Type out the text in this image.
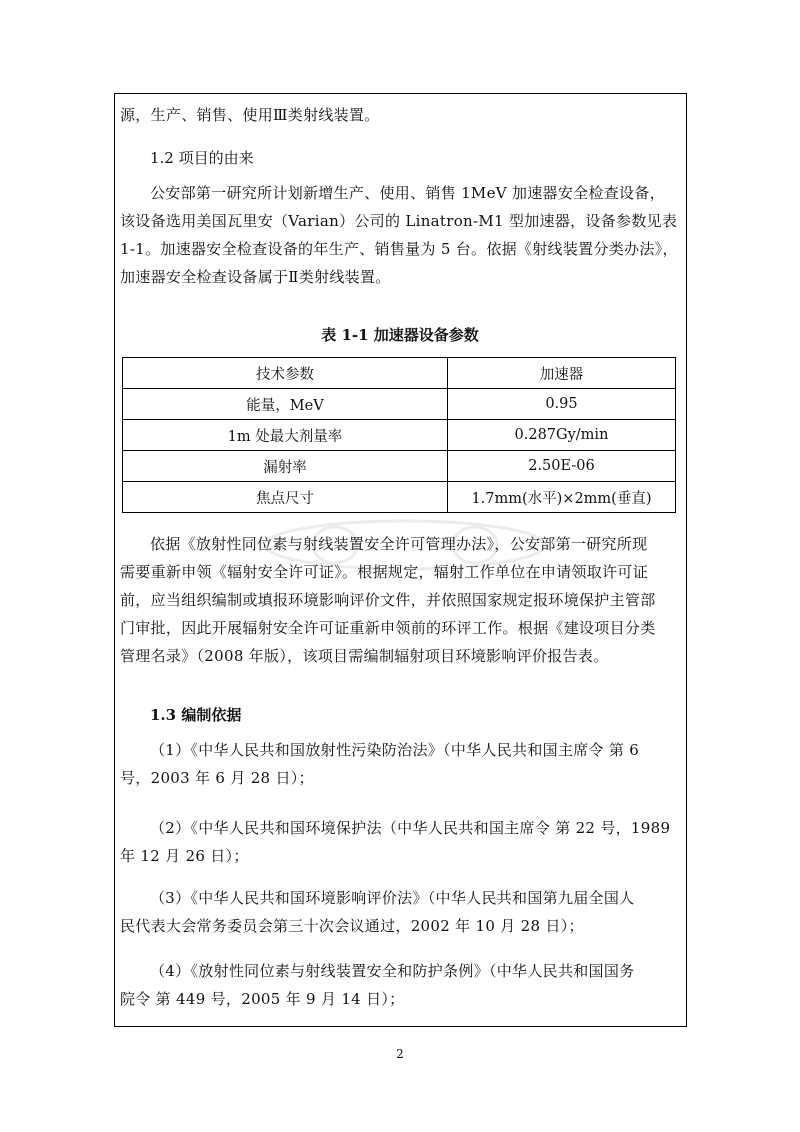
源，生产、销售、使用Ⅲ类射线装置。
1.2 项目的由来
公安部第一研究所计划新增生产、使用、销售 1MeV 加速器安全检查设备，
该设备选用美国瓦里安（Varian）公司的 Linatron-M1 型加速器，设备参数见表
1-1。加速器安全检查设备的年生产、销售量为 5 台。依据《射线装置分类办法》，
加速器安全检查设备属于Ⅱ类射线装置。
表 1-1 加速器设备参数
技术参数	加速器
能量，MeV	0.95
1m 处最大剂量率	0.287Gy/min
漏射率	2.50E-06
焦点尺寸	1.7mm(水平)×2mm(垂直)
依据《放射性同位素与射线装置安全许可管理办法》，公安部第一研究所现
需要重新申领《辐射安全许可证》。根据规定，辐射工作单位在申请领取许可证
前，应当组织编制或填报环境影响评价文件，并依照国家规定报环境保护主管部
门审批，因此开展辐射安全许可证重新申领前的环评工作。根据《建设项目分类
管理名录》（2008 年版），该项目需编制辐射项目环境影响评价报告表。
1.3 编制依据
（1）《中华人民共和国放射性污染防治法》（中华人民共和国主席令 第 6
号，2003 年 6 月 28 日）；
（2）《中华人民共和国环境保护法（中华人民共和国主席令 第 22 号，1989
年 12 月 26 日）；
（3）《中华人民共和国环境影响评价法》（中华人民共和国第九届全国人
民代表大会常务委员会第三十次会议通过，2002 年 10 月 28 日）；
（4）《放射性同位素与射线装置安全和防护条例》（中华人民共和国国务
院令 第 449 号，2005 年 9 月 14 日）；
2
